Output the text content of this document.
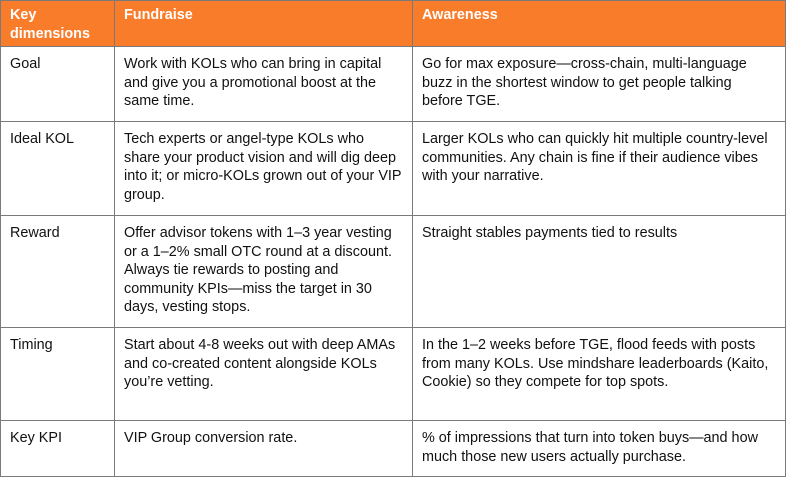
Key dimensions	Fundraise	Awareness
Goal	Work with KOLs who can bring in capital and give you a promotional boost at the same time.	Go for max exposure—cross-chain, multi-language buzz in the shortest window to get people talking before TGE.
Ideal KOL	Tech experts or angel-type KOLs who share your product vision and will dig deep into it; or micro-KOLs grown out of your VIP group.	Larger KOLs who can quickly hit multiple country-level communities. Any chain is fine if their audience vibes with your narrative.
Reward	Offer advisor tokens with 1–3 year vesting or a 1–2% small OTC round at a discount. Always tie rewards to posting and community KPIs—miss the target in 30 days, vesting stops.	Straight stables payments tied to results
Timing	Start about 4-8 weeks out with deep AMAs and co-created content alongside KOLs you’re vetting.	In the 1–2 weeks before TGE, flood feeds with posts from many KOLs. Use mindshare leaderboards (Kaito, Cookie) so they compete for top spots.
Key KPI	VIP Group conversion rate.	% of impressions that turn into token buys—and how much those new users actually purchase.
